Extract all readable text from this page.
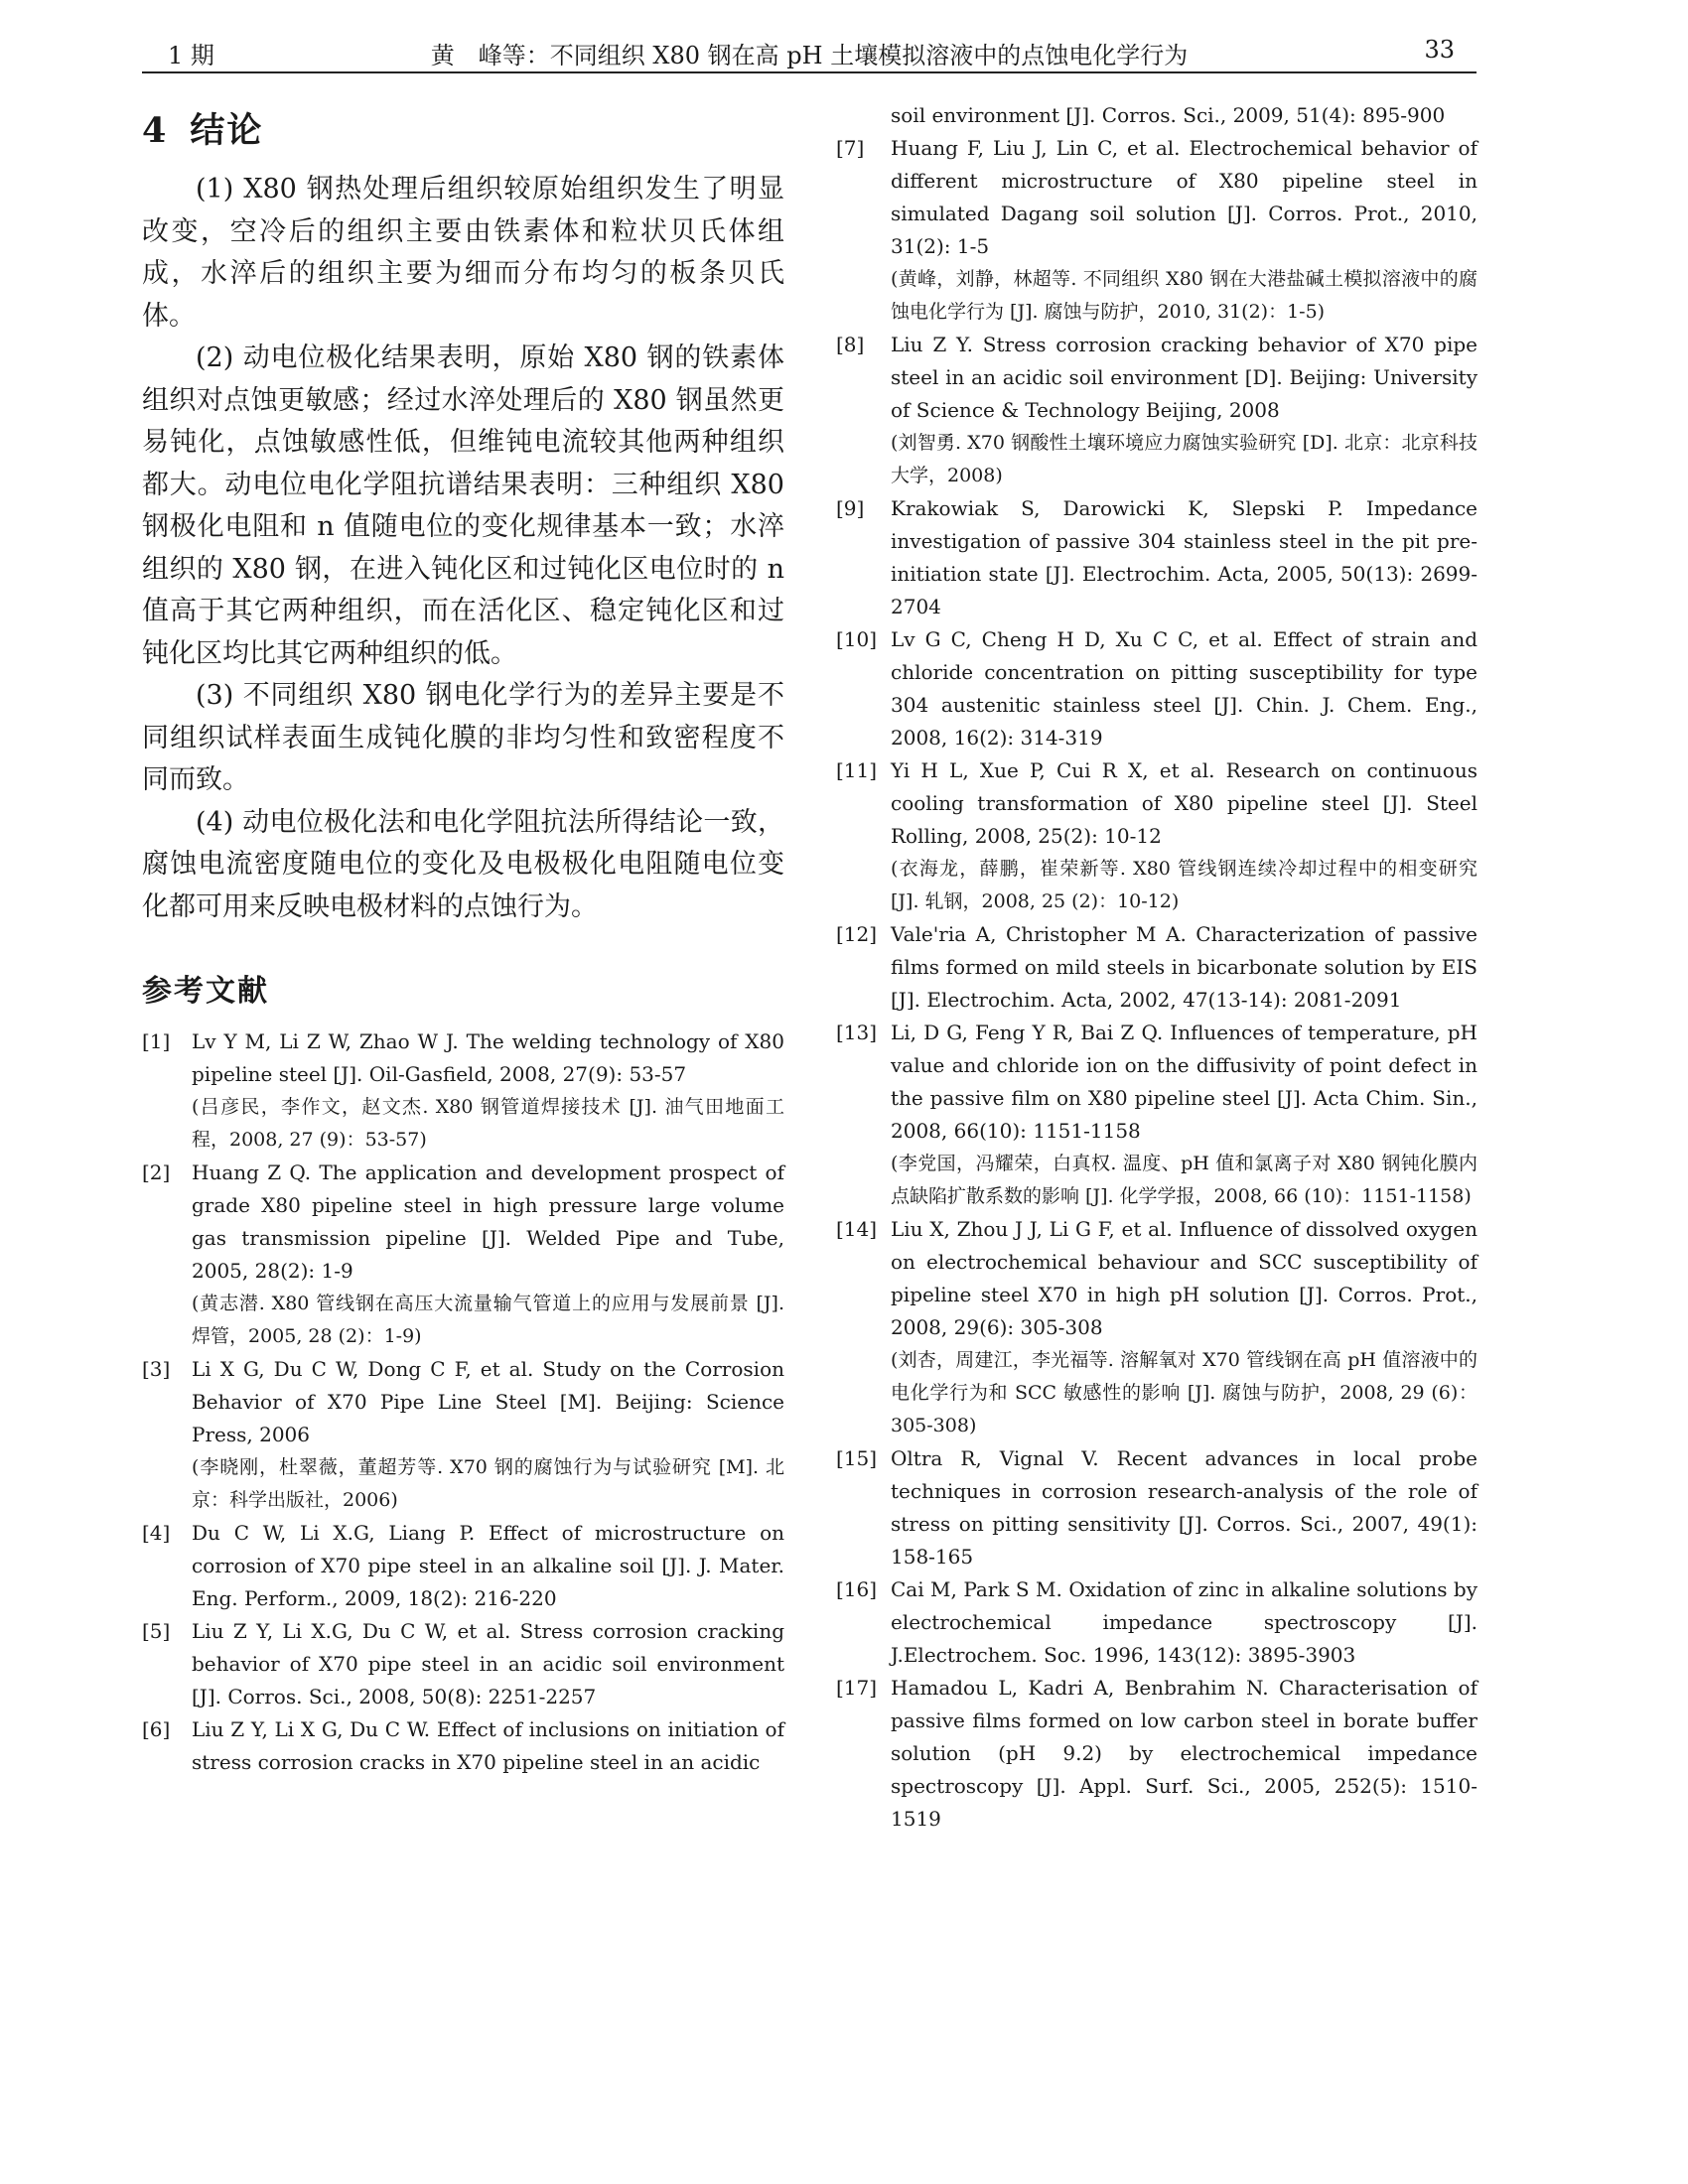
1 期	黄　峰等：不同组织 X80 钢在高 pH 土壤模拟溶液中的点蚀电化学行为	33
4 结论

(1) X80 钢热处理后组织较原始组织发生了明显改变，空冷后的组织主要由铁素体和粒状贝氏体组成，水淬后的组织主要为细而分布均匀的板条贝氏体。

(2) 动电位极化结果表明，原始 X80 钢的铁素体组织对点蚀更敏感；经过水淬处理后的 X80 钢虽然更易钝化，点蚀敏感性低，但维钝电流较其他两种组织都大。动电位电化学阻抗谱结果表明：三种组织 X80 钢极化电阻和 n 值随电位的变化规律基本一致；水淬组织的 X80 钢，在进入钝化区和过钝化区电位时的 n 值高于其它两种组织，而在活化区、稳定钝化区和过钝化区均比其它两种组织的低。

(3) 不同组织 X80 钢电化学行为的差异主要是不同组织试样表面生成钝化膜的非均匀性和致密程度不同而致。

(4) 动电位极化法和电化学阻抗法所得结论一致，腐蚀电流密度随电位的变化及电极极化电阻随电位变化都可用来反映电极材料的点蚀行为。

参考文献
[1] Lv Y M, Li Z W, Zhao W J. The welding technology of X80 pipeline steel [J]. Oil-Gasfield, 2008, 27(9): 53-57
(吕彦民，李作文，赵文杰. X80 钢管道焊接技术 [J]. 油气田地面工程，2008, 27 (9)：53-57)
[2] Huang Z Q. The application and development prospect of grade X80 pipeline steel in high pressure large volume gas transmission pipeline [J]. Welded Pipe and Tube, 2005, 28(2): 1-9
(黄志潜. X80 管线钢在高压大流量输气管道上的应用与发展前景 [J]. 焊管，2005, 28 (2)：1-9)
[3] Li X G, Du C W, Dong C F, et al. Study on the Corrosion Behavior of X70 Pipe Line Steel [M]. Beijing: Science Press, 2006
(李晓刚，杜翠薇，董超芳等. X70 钢的腐蚀行为与试验研究 [M]. 北京：科学出版社，2006)
[4] Du C W, Li X.G, Liang P. Effect of microstructure on corrosion of X70 pipe steel in an alkaline soil [J]. J. Mater. Eng. Perform., 2009, 18(2): 216-220
[5] Liu Z Y, Li X.G, Du C W, et al. Stress corrosion cracking behavior of X70 pipe steel in an acidic soil environment [J]. Corros. Sci., 2008, 50(8): 2251-2257
[6] Liu Z Y, Li X G, Du C W. Effect of inclusions on initiation of stress corrosion cracks in X70 pipeline steel in an acidic
soil environment [J]. Corros. Sci., 2009, 51(4): 895-900
[7] Huang F, Liu J, Lin C, et al. Electrochemical behavior of different microstructure of X80 pipeline steel in simulated Dagang soil solution [J]. Corros. Prot., 2010, 31(2): 1-5
(黄峰，刘静，林超等. 不同组织 X80 钢在大港盐碱土模拟溶液中的腐蚀电化学行为 [J]. 腐蚀与防护，2010, 31(2)：1-5)
[8] Liu Z Y. Stress corrosion cracking behavior of X70 pipe steel in an acidic soil environment [D]. Beijing: University of Science & Technology Beijing, 2008
(刘智勇. X70 钢酸性土壤环境应力腐蚀实验研究 [D]. 北京：北京科技大学，2008)
[9] Krakowiak S, Darowicki K, Slepski P. Impedance investigation of passive 304 stainless steel in the pit pre-initiation state [J]. Electrochim. Acta, 2005, 50(13): 2699-2704
[10] Lv G C, Cheng H D, Xu C C, et al. Effect of strain and chloride concentration on pitting susceptibility for type 304 austenitic stainless steel [J]. Chin. J. Chem. Eng., 2008, 16(2): 314-319
[11] Yi H L, Xue P, Cui R X, et al. Research on continuous cooling transformation of X80 pipeline steel [J]. Steel Rolling, 2008, 25(2): 10-12
(衣海龙，薛鹏，崔荣新等. X80 管线钢连续冷却过程中的相变研究 [J]. 轧钢，2008, 25 (2)：10-12)
[12] Vale'ria A, Christopher M A. Characterization of passive films formed on mild steels in bicarbonate solution by EIS [J]. Electrochim. Acta, 2002, 47(13-14): 2081-2091
[13] Li, D G, Feng Y R, Bai Z Q. Influences of temperature, pH value and chloride ion on the diffusivity of point defect in the passive film on X80 pipeline steel [J]. Acta Chim. Sin., 2008, 66(10): 1151-1158
(李党国，冯耀荣，白真权. 温度、pH 值和氯离子对 X80 钢钝化膜内点缺陷扩散系数的影响 [J]. 化学学报，2008, 66 (10)：1151-1158)
[14] Liu X, Zhou J J, Li G F, et al. Influence of dissolved oxygen on electrochemical behaviour and SCC susceptibility of pipeline steel X70 in high pH solution [J]. Corros. Prot., 2008, 29(6): 305-308
(刘杏，周建江，李光福等. 溶解氧对 X70 管线钢在高 pH 值溶液中的电化学行为和 SCC 敏感性的影响 [J]. 腐蚀与防护，2008, 29 (6)：305-308)
[15] Oltra R, Vignal V. Recent advances in local probe techniques in corrosion research-analysis of the role of stress on pitting sensitivity [J]. Corros. Sci., 2007, 49(1): 158-165
[16] Cai M, Park S M. Oxidation of zinc in alkaline solutions by electrochemical impedance spectroscopy [J]. J.Electrochem. Soc. 1996, 143(12): 3895-3903
[17] Hamadou L, Kadri A, Benbrahim N. Characterisation of passive films formed on low carbon steel in borate buffer solution (pH 9.2) by electrochemical impedance spectroscopy [J]. Appl. Surf. Sci., 2005, 252(5): 1510-1519
